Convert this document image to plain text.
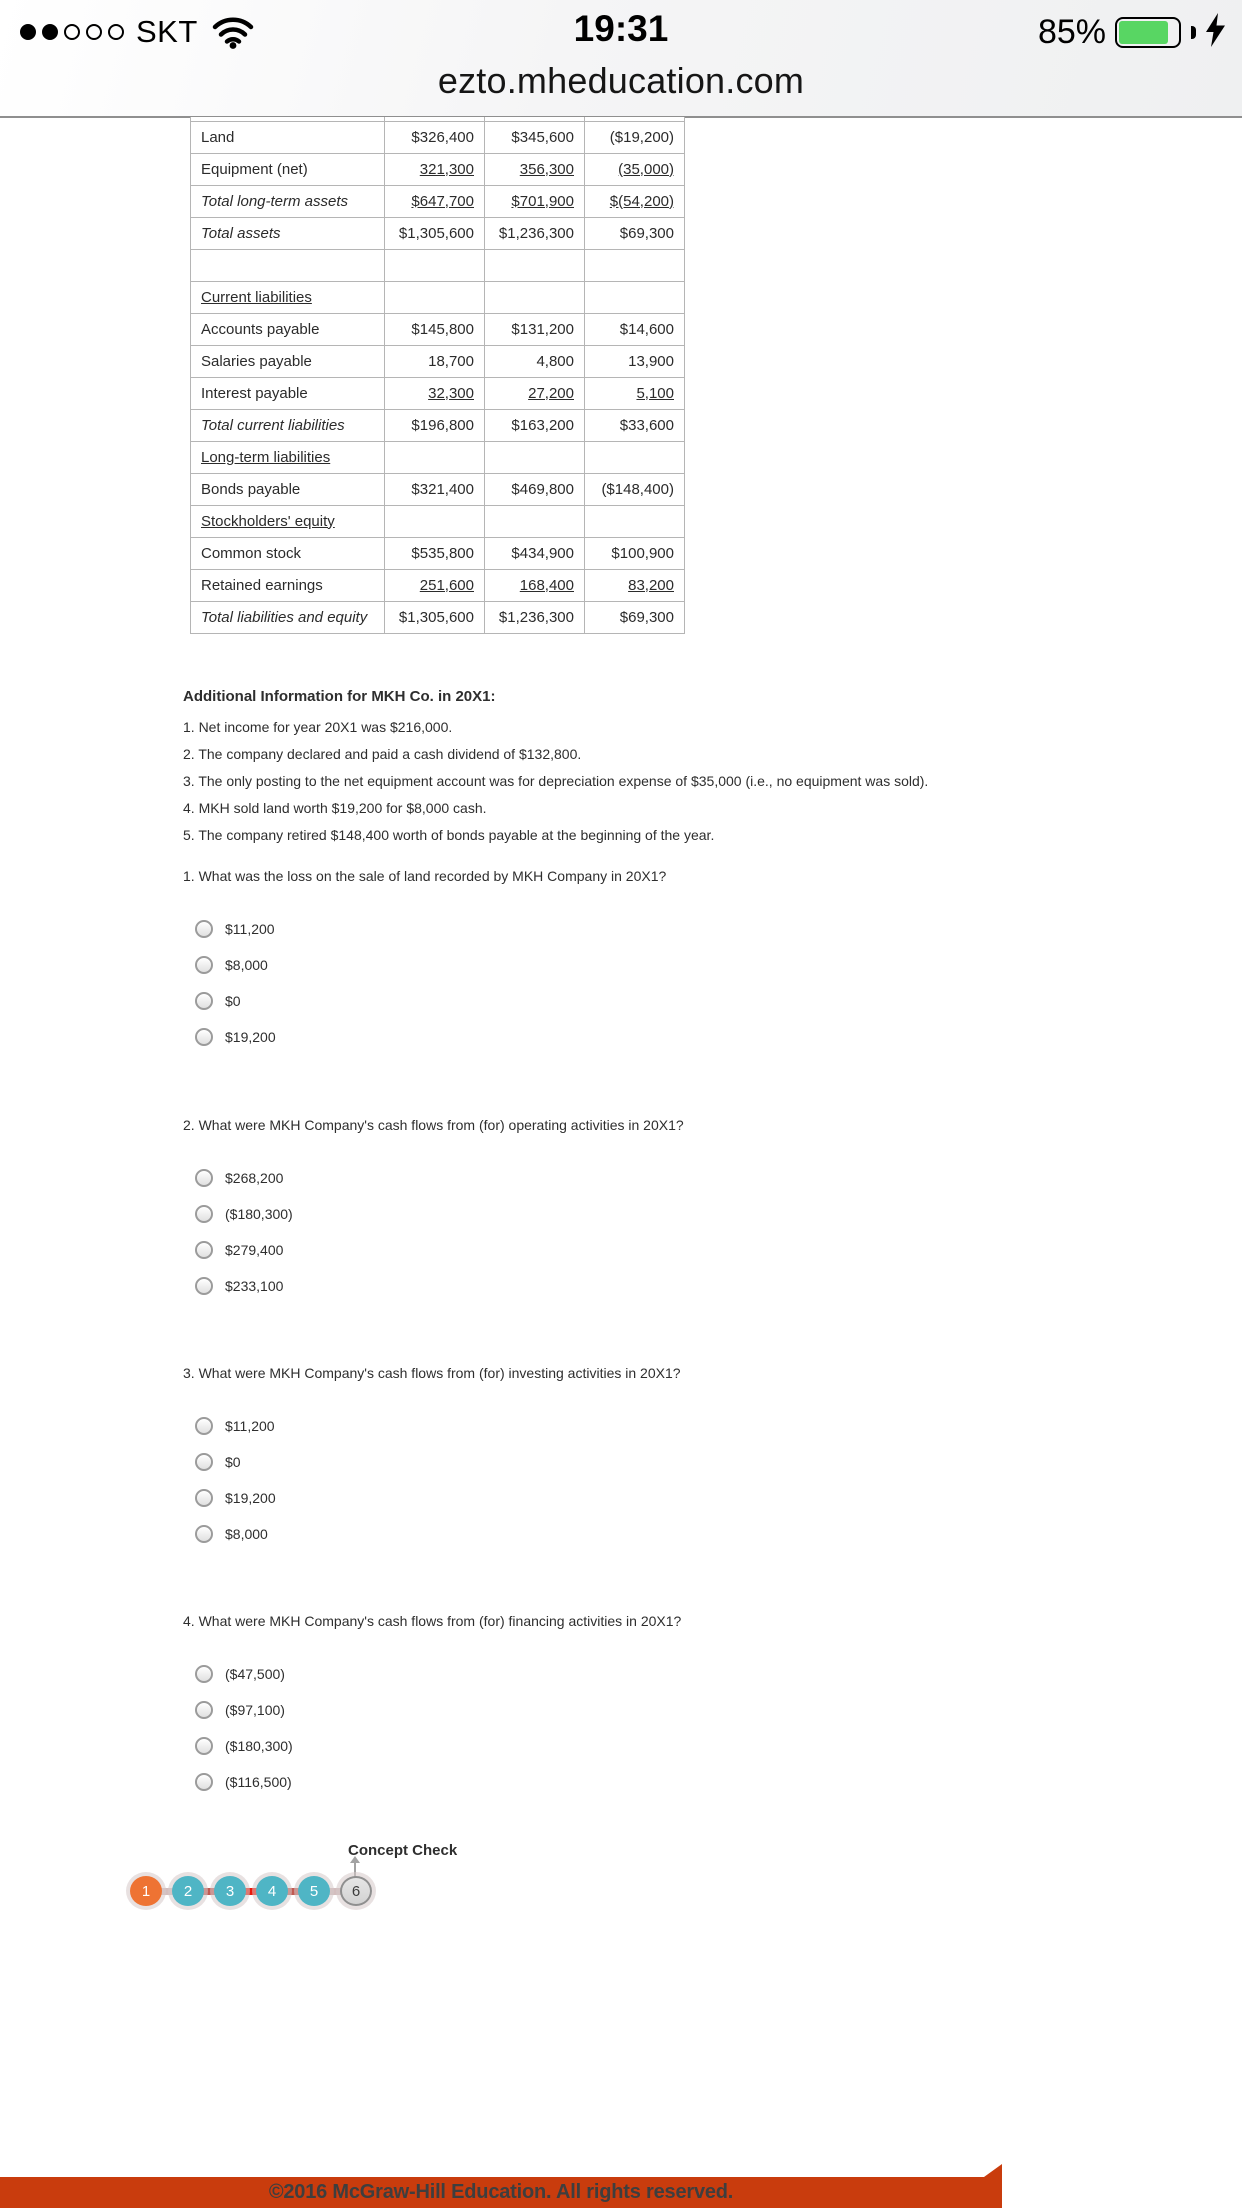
SKT	19:31	85%
ezto.mheducation.com

Land	$326,400	$345,600	($19,200)
Equipment (net)	321,300	356,300	(35,000)
Total long-term assets	$647,700	$701,900	$(54,200)
Total assets	$1,305,600	$1,236,300	$69,300

Current liabilities			
Accounts payable	$145,800	$131,200	$14,600
Salaries payable	18,700	4,800	13,900
Interest payable	32,300	27,200	5,100
Total current liabilities	$196,800	$163,200	$33,600
Long-term liabilities			
Bonds payable	$321,400	$469,800	($148,400)
Stockholders' equity			
Common stock	$535,800	$434,900	$100,900
Retained earnings	251,600	168,400	83,200
Total liabilities and equity	$1,305,600	$1,236,300	$69,300
Additional Information for MKH Co. in 20X1:
1. Net income for year 20X1 was $216,000.
2. The company declared and paid a cash dividend of $132,800.
3. The only posting to the net equipment account was for depreciation expense of $35,000 (i.e., no equipment was sold).
4. MKH sold land worth $19,200 for $8,000 cash.
5. The company retired $148,400 worth of bonds payable at the beginning of the year.

1. What was the loss on the sale of land recorded by MKH Company in 20X1?

$11,200
$8,000
$0
$19,200

2. What were MKH Company's cash flows from (for) operating activities in 20X1?

$268,200
($180,300)
$279,400
$233,100

3. What were MKH Company's cash flows from (for) investing activities in 20X1?

$11,200
$0
$19,200
$8,000

4. What were MKH Company's cash flows from (for) financing activities in 20X1?

($47,500)
($97,100)
($180,300)
($116,500)
Concept Check
1	2	3	4	5	6
©2016 McGraw-Hill Education. All rights reserved.
